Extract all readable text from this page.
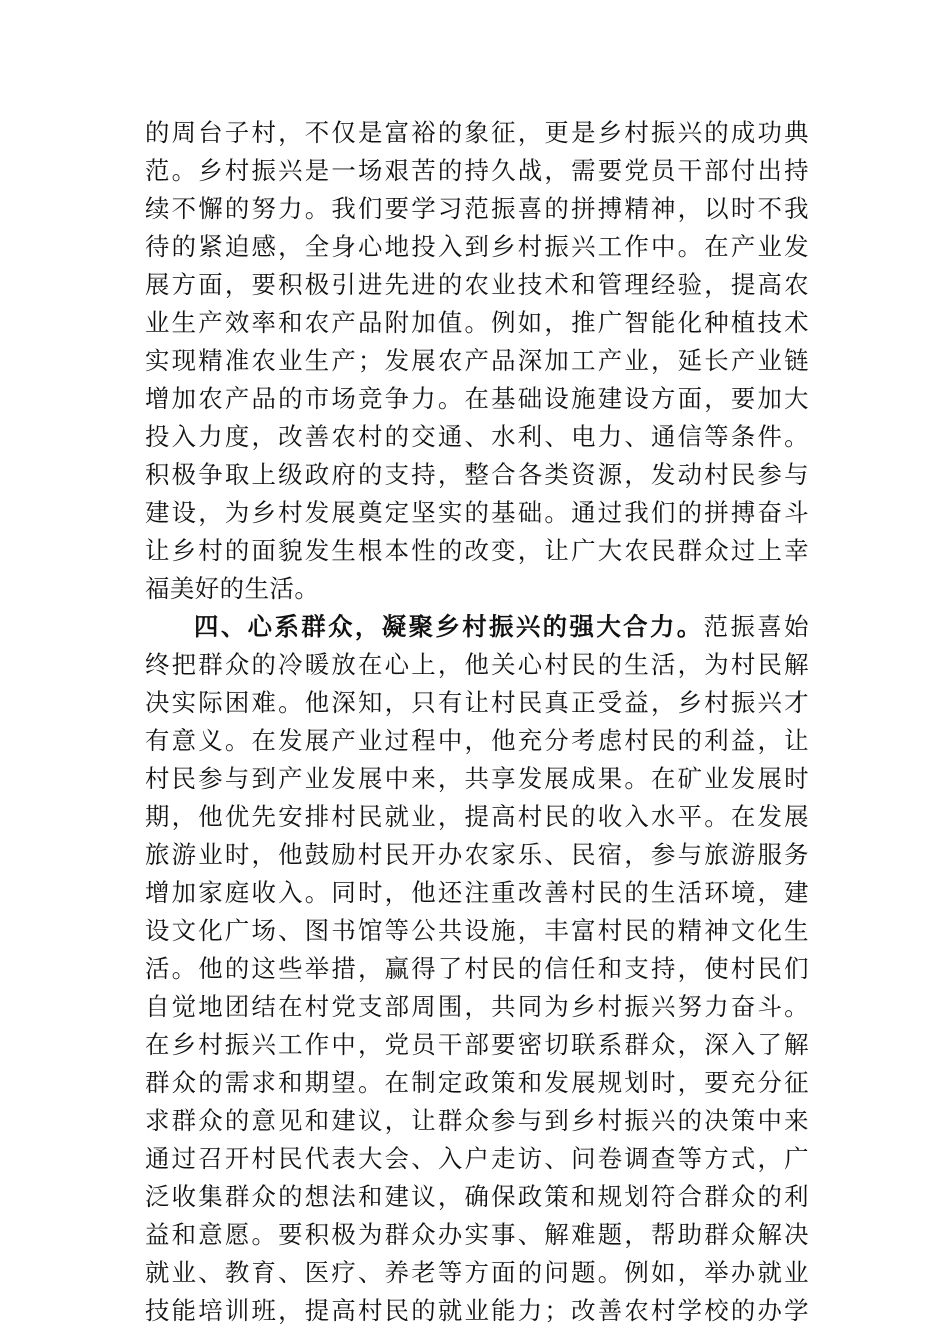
的周台子村，不仅是富裕的象征，更是乡村振兴的成功典
范。乡村振兴是一场艰苦的持久战，需要党员干部付出持
续不懈的努力。我们要学习范振喜的拼搏精神，以时不我
待的紧迫感，全身心地投入到乡村振兴工作中。在产业发
展方面，要积极引进先进的农业技术和管理经验，提高农
业生产效率和农产品附加值。例如，推广智能化种植技术
实现精准农业生产；发展农产品深加工产业，延长产业链
增加农产品的市场竞争力。在基础设施建设方面，要加大
投入力度，改善农村的交通、水利、电力、通信等条件。
积极争取上级政府的支持，整合各类资源，发动村民参与
建设，为乡村发展奠定坚实的基础。通过我们的拼搏奋斗
让乡村的面貌发生根本性的改变，让广大农民群众过上幸
福美好的生活。
四、心系群众，凝聚乡村振兴的强大合力。范振喜始
终把群众的冷暖放在心上，他关心村民的生活，为村民解
决实际困难。他深知，只有让村民真正受益，乡村振兴才
有意义。在发展产业过程中，他充分考虑村民的利益，让
村民参与到产业发展中来，共享发展成果。在矿业发展时
期，他优先安排村民就业，提高村民的收入水平。在发展
旅游业时，他鼓励村民开办农家乐、民宿，参与旅游服务
增加家庭收入。同时，他还注重改善村民的生活环境，建
设文化广场、图书馆等公共设施，丰富村民的精神文化生
活。他的这些举措，赢得了村民的信任和支持，使村民们
自觉地团结在村党支部周围，共同为乡村振兴努力奋斗。
在乡村振兴工作中，党员干部要密切联系群众，深入了解
群众的需求和期望。在制定政策和发展规划时，要充分征
求群众的意见和建议，让群众参与到乡村振兴的决策中来
通过召开村民代表大会、入户走访、问卷调查等方式，广
泛收集群众的想法和建议，确保政策和规划符合群众的利
益和意愿。要积极为群众办实事、解难题，帮助群众解决
就业、教育、医疗、养老等方面的问题。例如，举办就业
技能培训班，提高村民的就业能力；改善农村学校的办学
